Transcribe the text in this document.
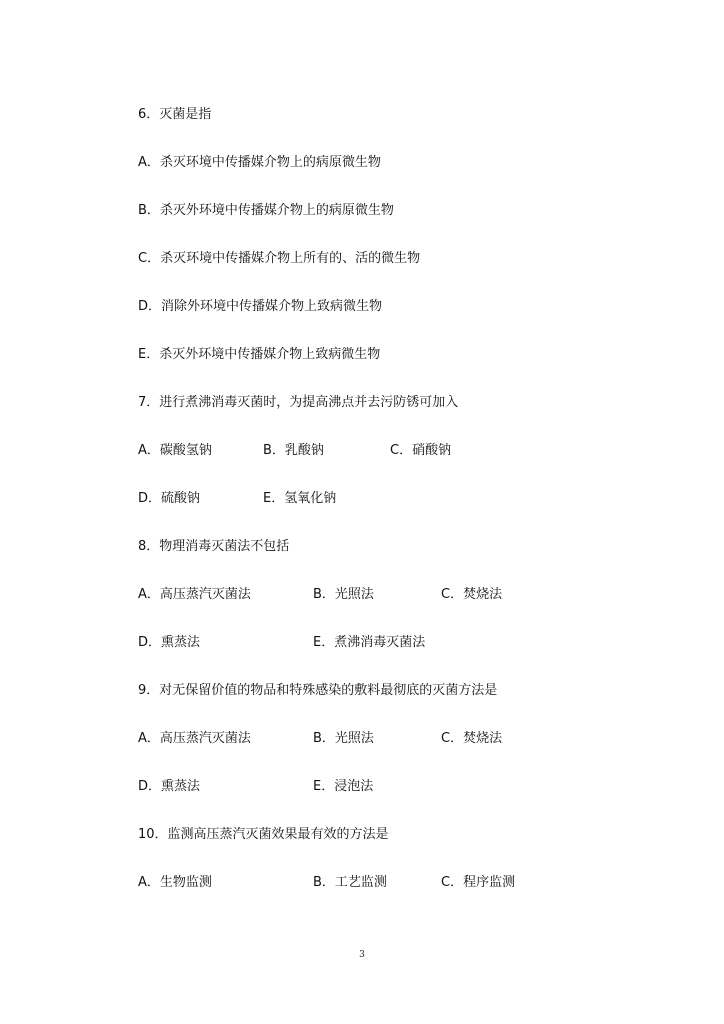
6．灭菌是指
A．杀灭环境中传播媒介物上的病原微生物
B．杀灭外环境中传播媒介物上的病原微生物
C．杀灭环境中传播媒介物上所有的、活的微生物
D．消除外环境中传播媒介物上致病微生物
E．杀灭外环境中传播媒介物上致病微生物
7．进行煮沸消毒灭菌时，为提高沸点并去污防锈可加入
A．碳酸氢钠	B．乳酸钠	C．硝酸钠
D．硫酸钠	E．氢氧化钠
8．物理消毒灭菌法不包括
A．高压蒸汽灭菌法	B．光照法	C．焚烧法
D．熏蒸法	E．煮沸消毒灭菌法
9．对无保留价值的物品和特殊感染的敷料最彻底的灭菌方法是
A．高压蒸汽灭菌法	B．光照法	C．焚烧法
D．熏蒸法	E．浸泡法
10．监测高压蒸汽灭菌效果最有效的方法是
A．生物监测	B．工艺监测	C．程序监测
3
